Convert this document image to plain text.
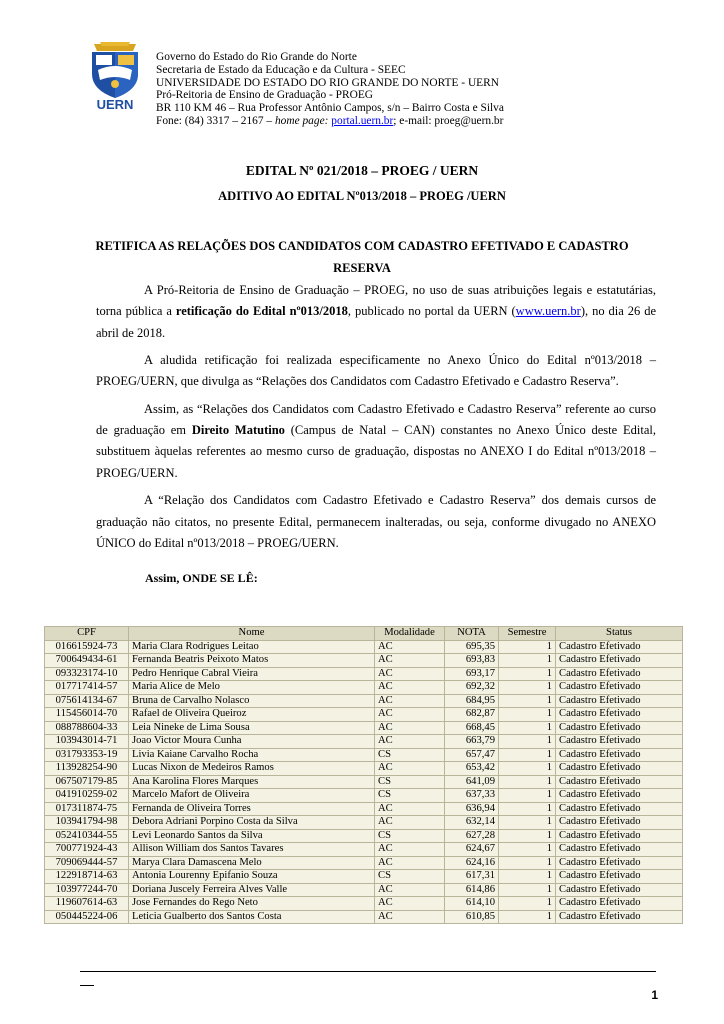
UERN
Governo do Estado do Rio Grande do Norte
Secretaria de Estado da Educação e da Cultura - SEEC
UNIVERSIDADE DO ESTADO DO RIO GRANDE DO NORTE - UERN
Pró-Reitoria de Ensino de Graduação - PROEG
BR 110 KM 46 – Rua Professor Antônio Campos, s/n – Bairro Costa e Silva
Fone: (84) 3317 – 2167 – home page: portal.uern.br; e-mail: proeg@uern.br
EDITAL Nº 021/2018 – PROEG / UERN
ADITIVO AO EDITAL Nº013/2018 – PROEG /UERN
RETIFICA AS RELAÇÕES DOS CANDIDATOS COM CADASTRO EFETIVADO E CADASTRO RESERVA

A Pró-Reitoria de Ensino de Graduação – PROEG, no uso de suas atribuições legais e estatutárias, torna pública a retificação do Edital nº013/2018, publicado no portal da UERN (www.uern.br), no dia 26 de abril de 2018.

A aludida retificação foi realizada especificamente no Anexo Único do Edital nº013/2018 – PROEG/UERN, que divulga as “Relações dos Candidatos com Cadastro Efetivado e Cadastro Reserva”.

Assim, as “Relações dos Candidatos com Cadastro Efetivado e Cadastro Reserva” referente ao curso de graduação em Direito Matutino (Campus de Natal – CAN) constantes no Anexo Único deste Edital, substituem àquelas referentes ao mesmo curso de graduação, dispostas no ANEXO I do Edital nº013/2018 – PROEG/UERN.

A “Relação dos Candidatos com Cadastro Efetivado e Cadastro Reserva” dos demais cursos de graduação não citatos, no presente Edital, permanecem inalteradas, ou seja, conforme divugado no ANEXO ÚNICO do Edital nº013/2018 – PROEG/UERN.

Assim, ONDE SE LÊ:
CPF	Nome	Modalidade	NOTA	Semestre	Status
016615924-73	Maria Clara Rodrigues Leitao	AC	695,35	1	Cadastro Efetivado
700649434-61	Fernanda Beatris Peixoto Matos	AC	693,83	1	Cadastro Efetivado
093323174-10	Pedro Henrique Cabral Vieira	AC	693,17	1	Cadastro Efetivado
017717414-57	Maria Alice de Melo	AC	692,32	1	Cadastro Efetivado
075614134-67	Bruna de Carvalho Nolasco	AC	684,95	1	Cadastro Efetivado
115456014-70	Rafael de Oliveira Queiroz	AC	682,87	1	Cadastro Efetivado
088788604-33	Leia Nineke de Lima Sousa	AC	668,45	1	Cadastro Efetivado
103943014-71	Joao Victor Moura Cunha	AC	663,79	1	Cadastro Efetivado
031793353-19	Livia Kaiane Carvalho Rocha	CS	657,47	1	Cadastro Efetivado
113928254-90	Lucas Nixon de Medeiros Ramos	AC	653,42	1	Cadastro Efetivado
067507179-85	Ana Karolina Flores Marques	CS	641,09	1	Cadastro Efetivado
041910259-02	Marcelo Mafort de Oliveira	CS	637,33	1	Cadastro Efetivado
017311874-75	Fernanda de Oliveira Torres	AC	636,94	1	Cadastro Efetivado
103941794-98	Debora Adriani Porpino Costa da Silva	AC	632,14	1	Cadastro Efetivado
052410344-55	Levi Leonardo Santos da Silva	CS	627,28	1	Cadastro Efetivado
700771924-43	Allison William dos Santos Tavares	AC	624,67	1	Cadastro Efetivado
709069444-57	Marya Clara Damascena Melo	AC	624,16	1	Cadastro Efetivado
122918714-63	Antonia Lourenny Epifanio Souza	CS	617,31	1	Cadastro Efetivado
103977244-70	Doriana Juscely Ferreira Alves Valle	AC	614,86	1	Cadastro Efetivado
119607614-63	Jose Fernandes do Rego Neto	AC	614,10	1	Cadastro Efetivado
050445224-06	Leticia Gualberto dos Santos Costa	AC	610,85	1	Cadastro Efetivado
1
